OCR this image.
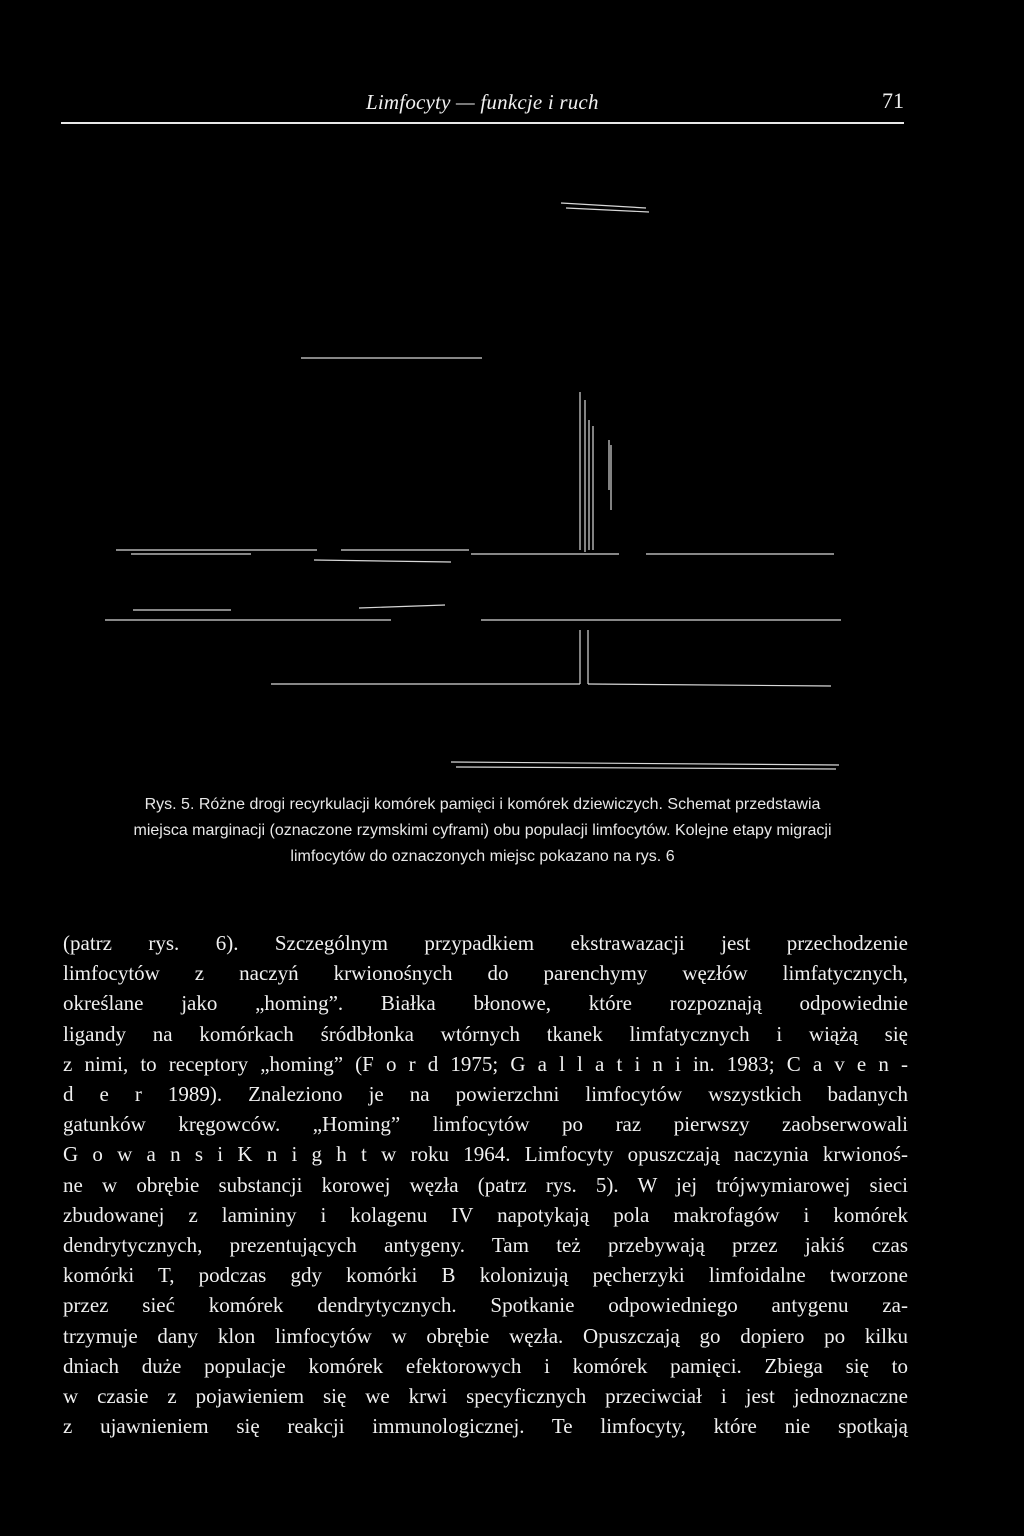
Limfocyty — funkcje i ruch	71
Rys. 5. Różne drogi recyrkulacji komórek pamięci i komórek dziewiczych. Schemat przedstawia
miejsca marginacji (oznaczone rzymskimi cyframi) obu populacji limfocytów. Kolejne etapy migracji
limfocytów do oznaczonych miejsc pokazano na rys. 6
(patrz rys. 6). Szczególnym przypadkiem ekstrawazacji jest przechodzenie
limfocytów z naczyń krwionośnych do parenchymy węzłów limfatycznych,
określane jako „homing”. Białka błonowe, które rozpoznają odpowiednie
ligandy na komórkach śródbłonka wtórnych tkanek limfatycznych i wiążą się
z nimi, to receptory „homing” (F o r d 1975; G a l l a t i n i in. 1983; C a v e n -
d e r 1989). Znaleziono je na powierzchni limfocytów wszystkich badanych
gatunków kręgowców. „Homing” limfocytów po raz pierwszy zaobserwowali
G o w a n s i K n i g h t w roku 1964. Limfocyty opuszczają naczynia krwionoś-
ne w obrębie substancji korowej węzła (patrz rys. 5). W jej trójwymiarowej sieci
zbudowanej z lamininy i kolagenu IV napotykają pola makrofagów i komórek
dendrytycznych, prezentujących antygeny. Tam też przebywają przez jakiś czas
komórki T, podczas gdy komórki B kolonizują pęcherzyki limfoidalne tworzone
przez sieć komórek dendrytycznych. Spotkanie odpowiedniego antygenu za-
trzymuje dany klon limfocytów w obrębie węzła. Opuszczają go dopiero po kilku
dniach duże populacje komórek efektorowych i komórek pamięci. Zbiega się to
w czasie z pojawieniem się we krwi specyficznych przeciwciał i jest jednoznaczne
z ujawnieniem się reakcji immunologicznej. Te limfocyty, które nie spotkają
